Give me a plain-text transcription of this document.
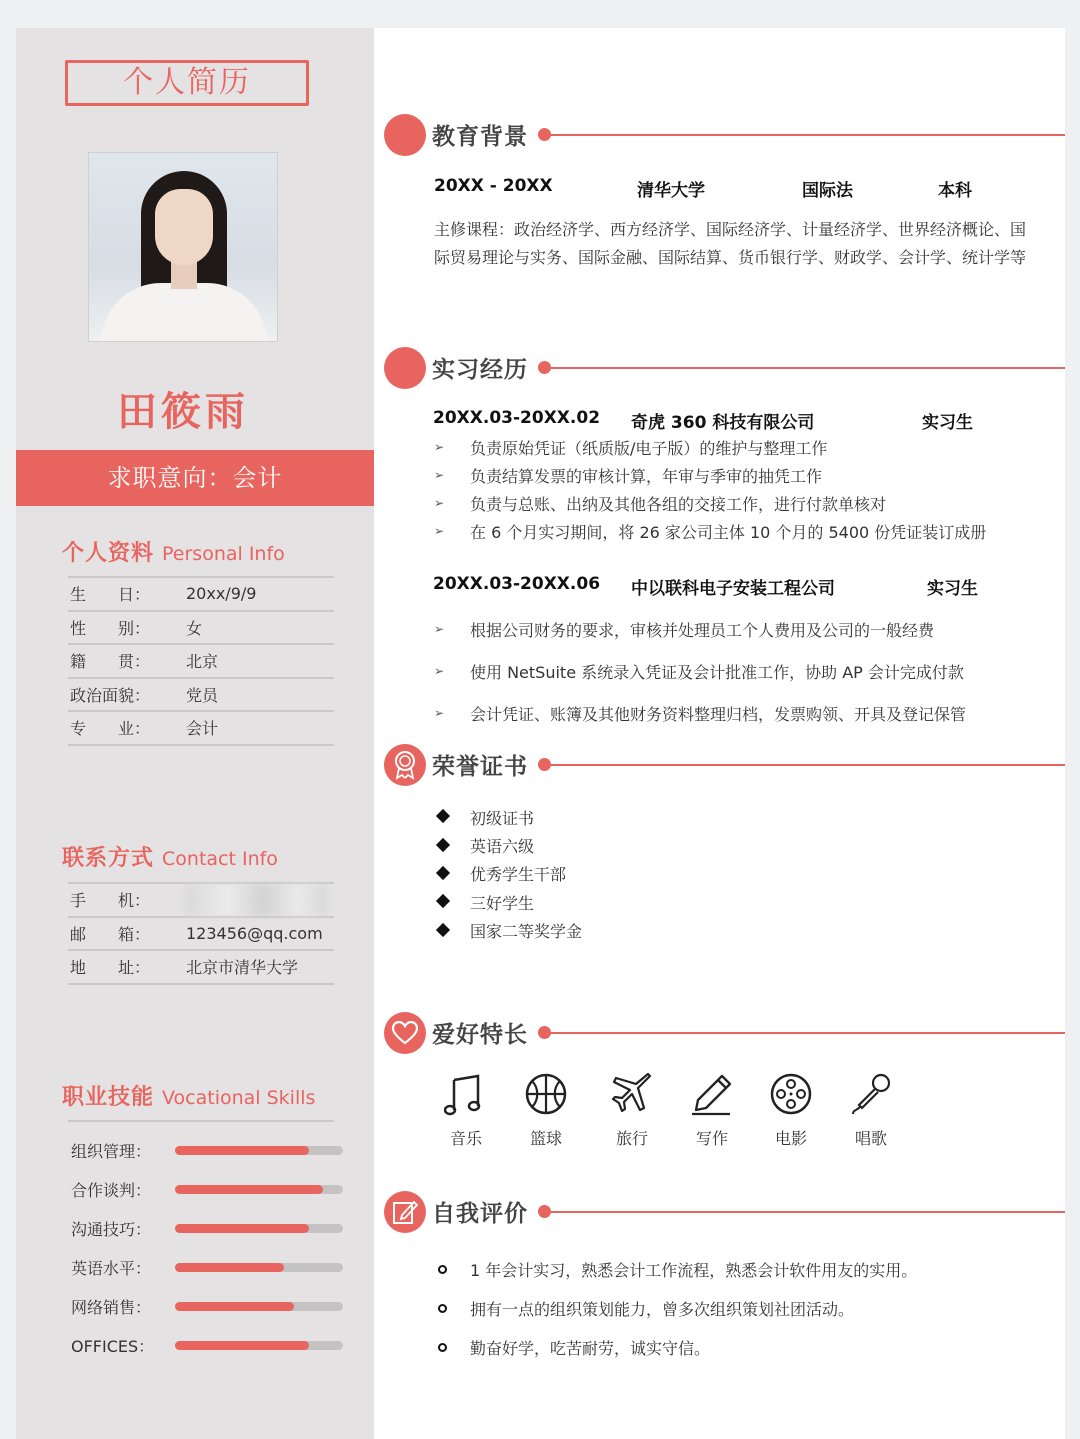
个人简历
田筱雨
求职意向：会计
个人资料 Personal Info
生　　日：	20xx/9/9
性　　别：	女
籍　　贯：	北京
政治面貌：	党员
专　　业：	会计
联系方式 Contact Info
手　　机：
邮　　箱：	123456@qq.com
地　　址：	北京市清华大学
职业技能 Vocational Skills
组织管理：
合作谈判：
沟通技巧：
英语水平：
网络销售：
OFFICES：
教育背景
20XX - 20XX	清华大学	国际法	本科
主修课程：政治经济学、西方经济学、国际经济学、计量经济学、世界经济概论、国际贸易理论与实务、国际金融、国际结算、货币银行学、财政学、会计学、统计学等
实习经历
20XX.03-20XX.02 奇虎 360 科技有限公司	实习生
➢	负责原始凭证（纸质版/电子版）的维护与整理工作
➢	负责结算发票的审核计算，年审与季审的抽凭工作
➢	负责与总账、出纳及其他各组的交接工作，进行付款单核对
➢	在 6 个月实习期间，将 26 家公司主体 10 个月的 5400 份凭证装订成册
20XX.03-20XX.06 中以联科电子安装工程公司	实习生
➢	根据公司财务的要求，审核并处理员工个人费用及公司的一般经费
➢	使用 NetSuite 系统录入凭证及会计批准工作，协助 AP 会计完成付款
➢	会计凭证、账簿及其他财务资料整理归档，发票购领、开具及登记保管
荣誉证书
初级证书
英语六级
优秀学生干部
三好学生
国家二等奖学金
爱好特长
音乐	篮球	旅行	写作	电影	唱歌
自我评价
1 年会计实习，熟悉会计工作流程，熟悉会计软件用友的实用。
拥有一点的组织策划能力，曾多次组织策划社团活动。
勤奋好学，吃苦耐劳，诚实守信。
